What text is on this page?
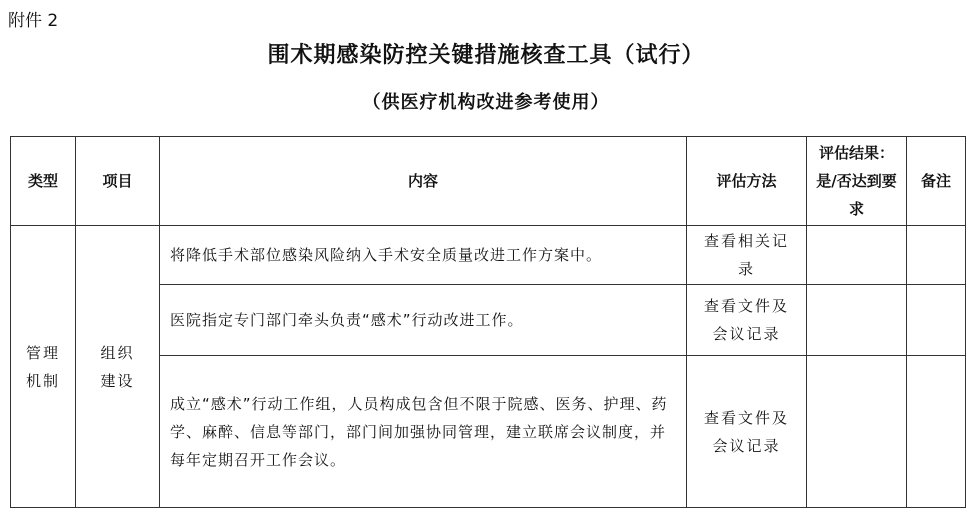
附件 2
围术期感染防控关键措施核查工具（试行）
（供医疗机构改进参考使用）
类型	项目	内容	评估方法	评估结果：是/否达到要求	备注
管理机制	组织建设	将降低手术部位感染风险纳入手术安全质量改进工作方案中。	查看相关记录		
		医院指定专门部门牵头负责“感术”行动改进工作。	查看文件及会议记录		
		成立“感术”行动工作组，人员构成包含但不限于院感、医务、护理、药学、麻醉、信息等部门，部门间加强协同管理，建立联席会议制度，并每年定期召开工作会议。	查看文件及会议记录		
